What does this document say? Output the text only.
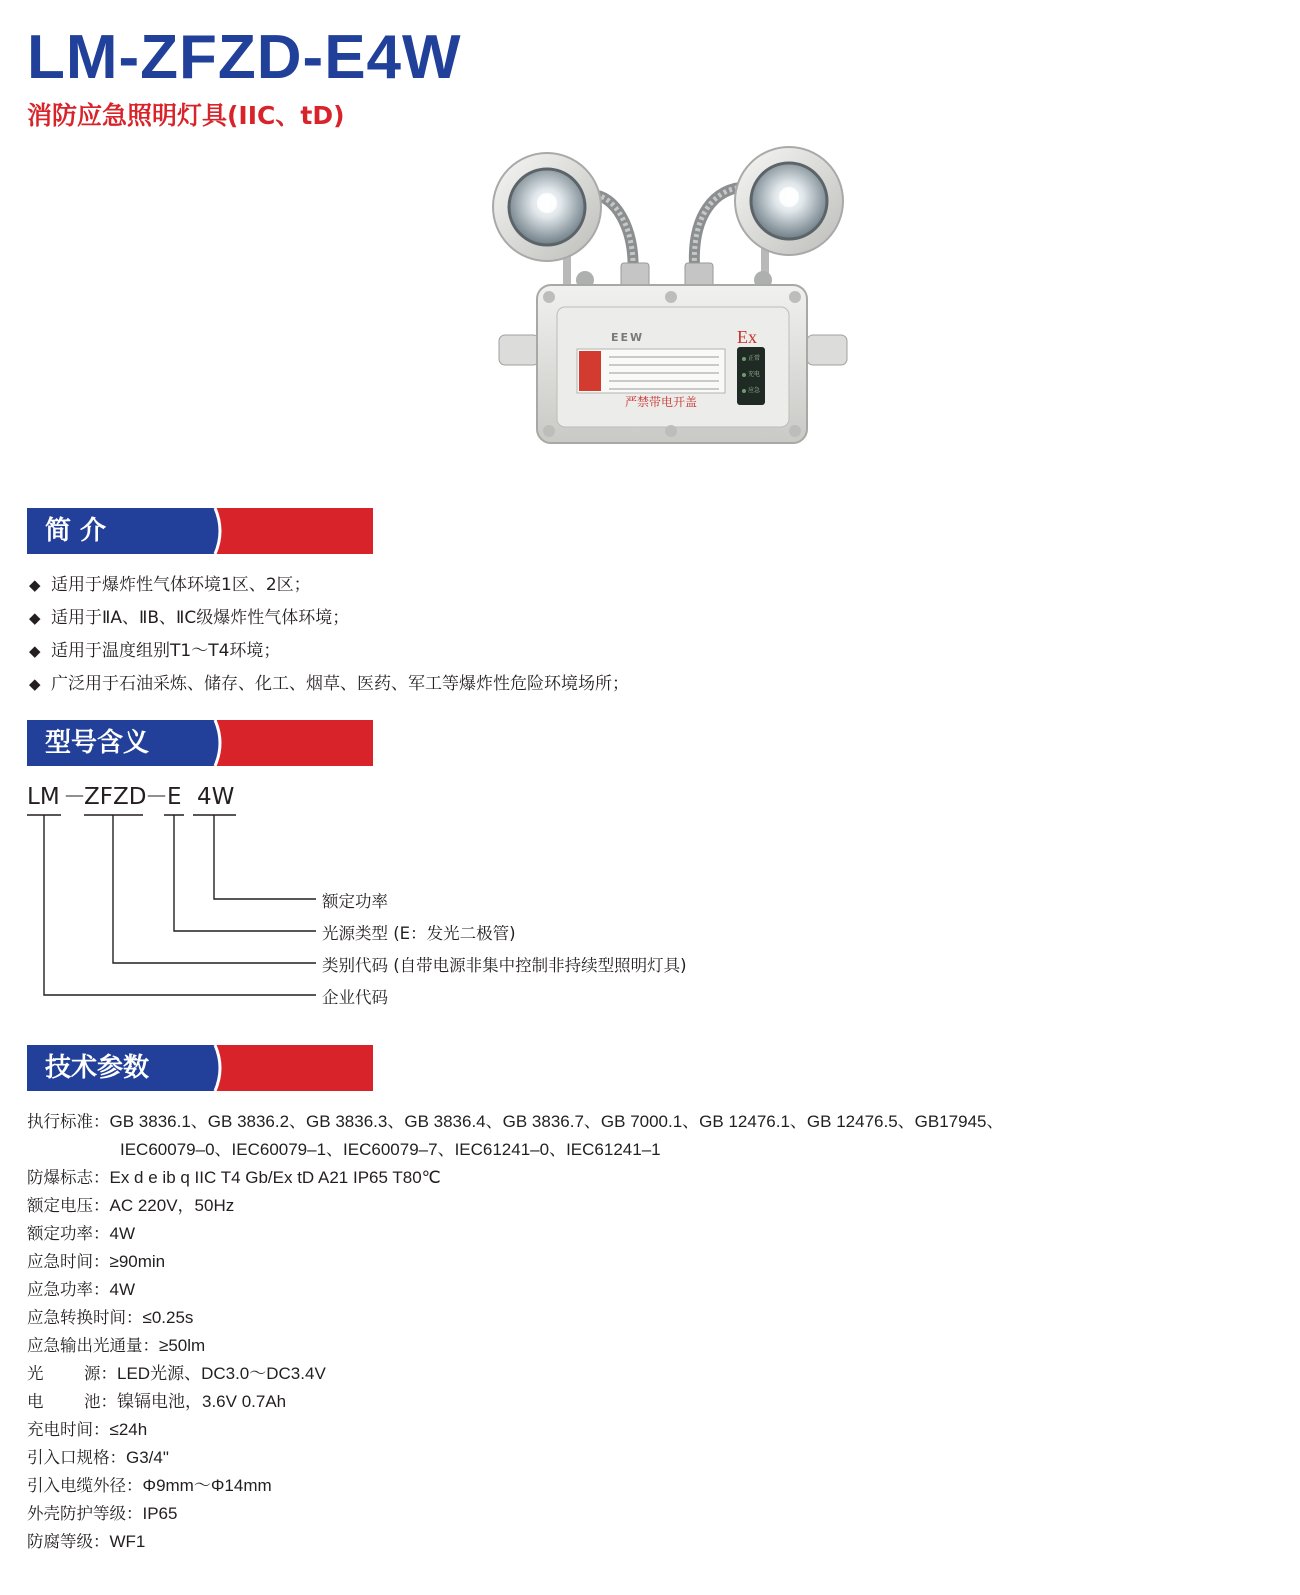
LM-ZFZD-E4W
消防应急照明灯具(IIC、tD)
EEW	Ex
严禁带电开盖
正常
充电
应急
简 介
◆ 适用于爆炸性气体环境1区、2区；
◆ 适用于ⅡA、ⅡB、ⅡC级爆炸性气体环境；
◆ 适用于温度组别T1～T4环境；
◆ 广泛用于石油采炼、储存、化工、烟草、医药、军工等爆炸性危险环境场所；
型号含义
LM －
ZFZD
－ E 4W
额定功率
光源类型 (E：发光二极管)
类别代码 (自带电源非集中控制非持续型照明灯具)
企业代码
技术参数
执行标准：GB 3836.1、GB 3836.2、GB 3836.3、GB 3836.4、GB 3836.7、GB 7000.1、GB 12476.1、GB 12476.5、GB17945、
IEC60079–0、IEC60079–1、IEC60079–7、IEC61241–0、IEC61241–1
防爆标志：Ex d e ib q IIC T4 Gb/Ex tD A21 IP65 T80℃
额定电压：AC 220V，50Hz
额定功率：4W
应急时间：≥90min
应急功率：4W
应急转换时间：≤0.25s
应急输出光通量：≥50lm
光 源： LED光源、DC3.0～DC3.4V
电 池： 镍镉电池，3.6V 0.7Ah
充电时间：≤24h
引入口规格：G3/4"
引入电缆外径：Φ9mm～Φ14mm
外壳防护等级：IP65
防腐等级：WF1
